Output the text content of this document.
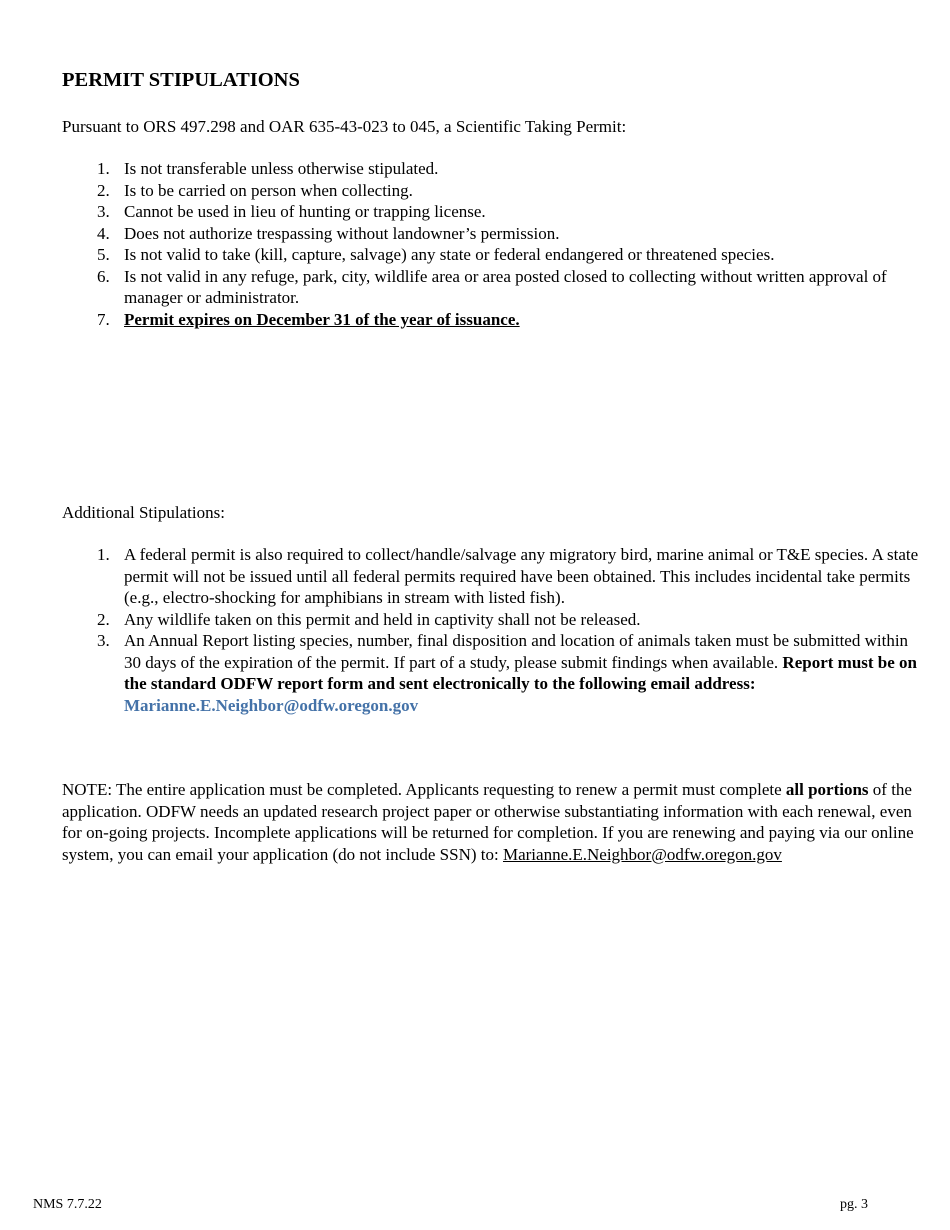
PERMIT STIPULATIONS

Pursuant to ORS 497.298 and OAR 635-43-023 to 045, a Scientific Taking Permit:

1. Is not transferable unless otherwise stipulated.
2. Is to be carried on person when collecting.
3. Cannot be used in lieu of hunting or trapping license.
4. Does not authorize trespassing without landowner’s permission.
5. Is not valid to take (kill, capture, salvage) any state or federal endangered or threatened species.
6. Is not valid in any refuge, park, city, wildlife area or area posted closed to collecting without written approval of manager or administrator.
7. Permit expires on December 31 of the year of issuance.

Additional Stipulations:

1. A federal permit is also required to collect/handle/salvage any migratory bird, marine animal or T&E species. A state permit will not be issued until all federal permits required have been obtained. This includes incidental take permits (e.g., electro-shocking for amphibians in stream with listed fish).
2. Any wildlife taken on this permit and held in captivity shall not be released.
3. An Annual Report listing species, number, final disposition and location of animals taken must be submitted within 30 days of the expiration of the permit. If part of a study, please submit findings when available. Report must be on the standard ODFW report form and sent electronically to the following email address: Marianne.E.Neighbor@odfw.oregon.gov

NOTE: The entire application must be completed. Applicants requesting to renew a permit must complete all portions of the application. ODFW needs an updated research project paper or otherwise substantiating information with each renewal, even for on-going projects. Incomplete applications will be returned for completion. If you are renewing and paying via our online system, you can email your application (do not include SSN) to: Marianne.E.Neighbor@odfw.oregon.gov

NMS 7.7.22	pg. 3
